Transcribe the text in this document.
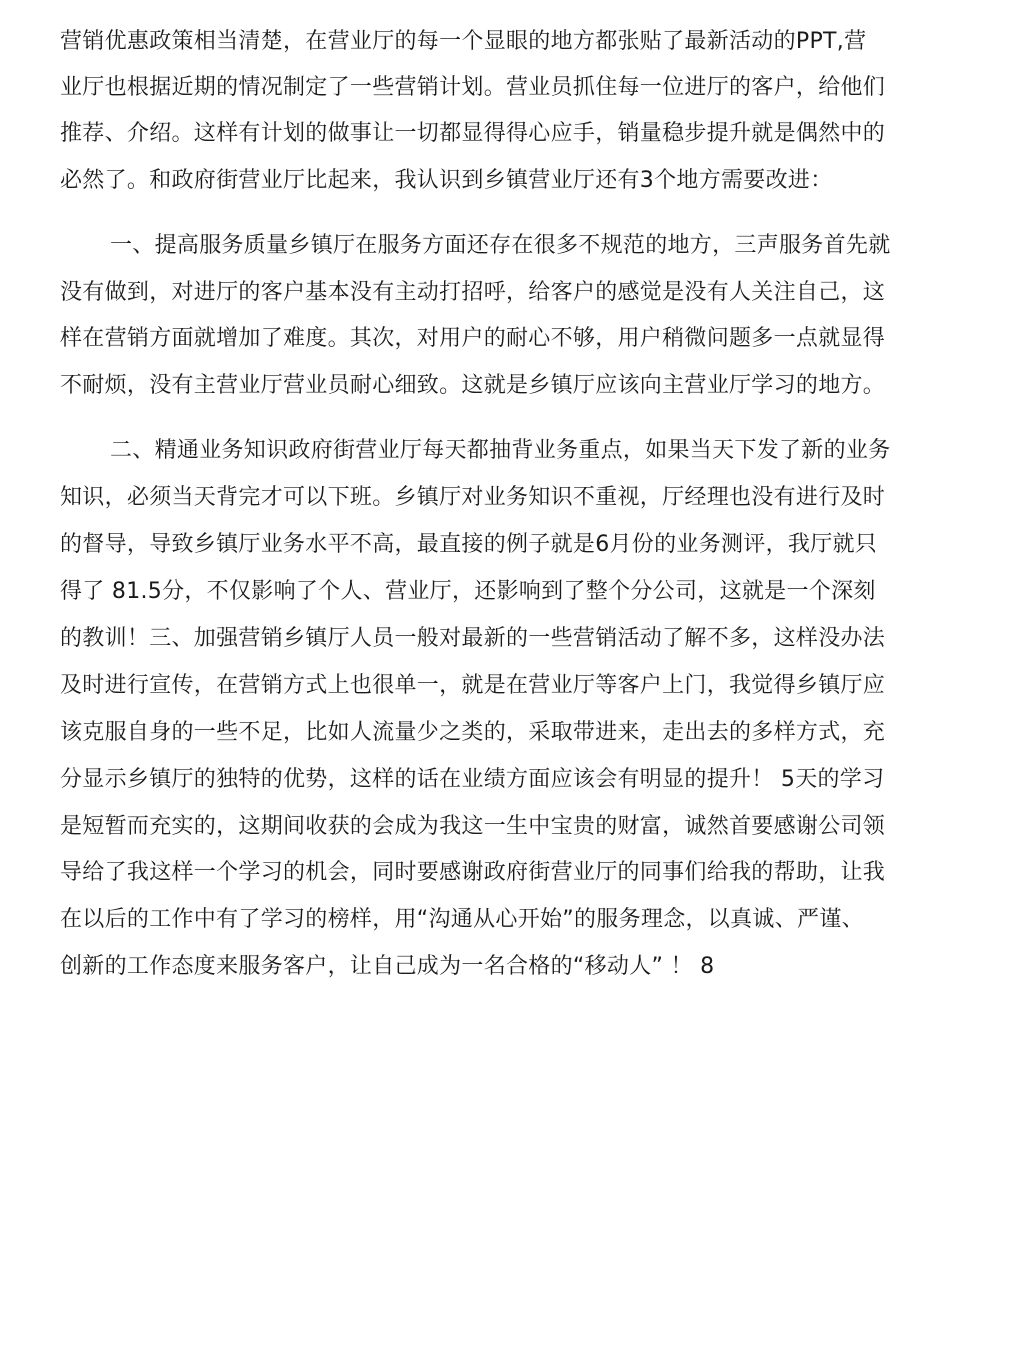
营销优惠政策相当清楚，在营业厅的每一个显眼的地方都张贴了最新活动的PPT,营
业厅也根据近期的情况制定了一些营销计划。营业员抓住每一位进厅的客户，给他们
推荐、介绍。这样有计划的做事让一切都显得得心应手，销量稳步提升就是偶然中的
必然了。和政府街营业厅比起来，我认识到乡镇营业厅还有3个地方需要改进：
一、提高服务质量乡镇厅在服务方面还存在很多不规范的地方，三声服务首先就
没有做到，对进厅的客户基本没有主动打招呼，给客户的感觉是没有人关注自己，这
样在营销方面就增加了难度。其次，对用户的耐心不够，用户稍微问题多一点就显得
不耐烦，没有主营业厅营业员耐心细致。这就是乡镇厅应该向主营业厅学习的地方。
二、精通业务知识政府街营业厅每天都抽背业务重点，如果当天下发了新的业务
知识，必须当天背完才可以下班。乡镇厅对业务知识不重视，厅经理也没有进行及时
的督导，导致乡镇厅业务水平不高，最直接的例子就是6月份的业务测评，我厅就只
得了 81.5分，不仅影响了个人、营业厅，还影响到了整个分公司，这就是一个深刻
的教训！三、加强营销乡镇厅人员一般对最新的一些营销活动了解不多，这样没办法
及时进行宣传，在营销方式上也很单一，就是在营业厅等客户上门，我觉得乡镇厅应
该克服自身的一些不足，比如人流量少之类的，采取带进来，走出去的多样方式，充
分显示乡镇厅的独特的优势，这样的话在业绩方面应该会有明显的提升！ 5天的学习
是短暂而充实的，这期间收获的会成为我这一生中宝贵的财富，诚然首要感谢公司领
导给了我这样一个学习的机会，同时要感谢政府街营业厅的同事们给我的帮助，让我
在以后的工作中有了学习的榜样，用“沟通从心开始”的服务理念，以真诚、严谨、
创新的工作态度来服务客户，让自己成为一名合格的“移动人” ！ 8
